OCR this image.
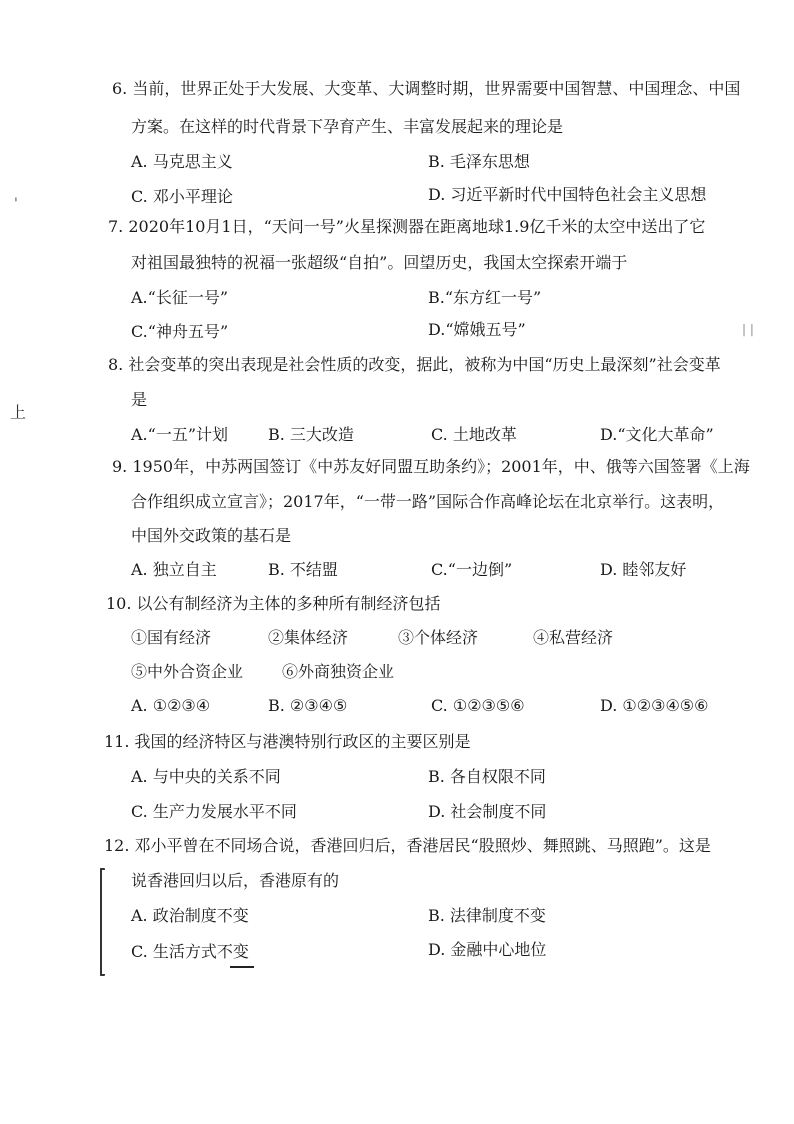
'
上
| |
6. 当前，世界正处于大发展、大变革、大调整时期，世界需要中国智慧、中国理念、中国
方案。在这样的时代背景下孕育产生、丰富发展起来的理论是
A. 马克思主义	B. 毛泽东思想
C. 邓小平理论	D. 习近平新时代中国特色社会主义思想
7. 2020年10月1日，“天问一号”火星探测器在距离地球1.9亿千米的太空中送出了它
对祖国最独特的祝福一张超级“自拍”。回望历史，我国太空探索开端于
A.“长征一号”	B.“东方红一号”
C.“神舟五号”	D.“嫦娥五号”
8. 社会变革的突出表现是社会性质的改变，据此，被称为中国“历史上最深刻”社会变革
是
A.“一五”计划 B. 三大改造	C. 土地改革	D.“文化大革命”
9. 1950年，中苏两国签订《中苏友好同盟互助条约》；2001年，中、俄等六国签署《上海
合作组织成立宣言》；2017年，“一带一路”国际合作高峰论坛在北京举行。这表明，
中国外交政策的基石是
A. 独立自主	B. 不结盟	C.“一边倒”	D. 睦邻友好
10. 以公有制经济为主体的多种所有制经济包括
①国有经济	②集体经济	③个体经济	④私营经济
⑤中外合资企业 ⑥外商独资企业
A. ①②③④	B. ②③④⑤	C. ①②③⑤⑥	D. ①②③④⑤⑥
11. 我国的经济特区与港澳特别行政区的主要区别是
A. 与中央的关系不同	B. 各自权限不同
C. 生产力发展水平不同	D. 社会制度不同
12. 邓小平曾在不同场合说，香港回归后，香港居民“股照炒、舞照跳、马照跑”。这是
说香港回归以后，香港原有的
A. 政治制度不变	B. 法律制度不变
C. 生活方式不变	D. 金融中心地位
